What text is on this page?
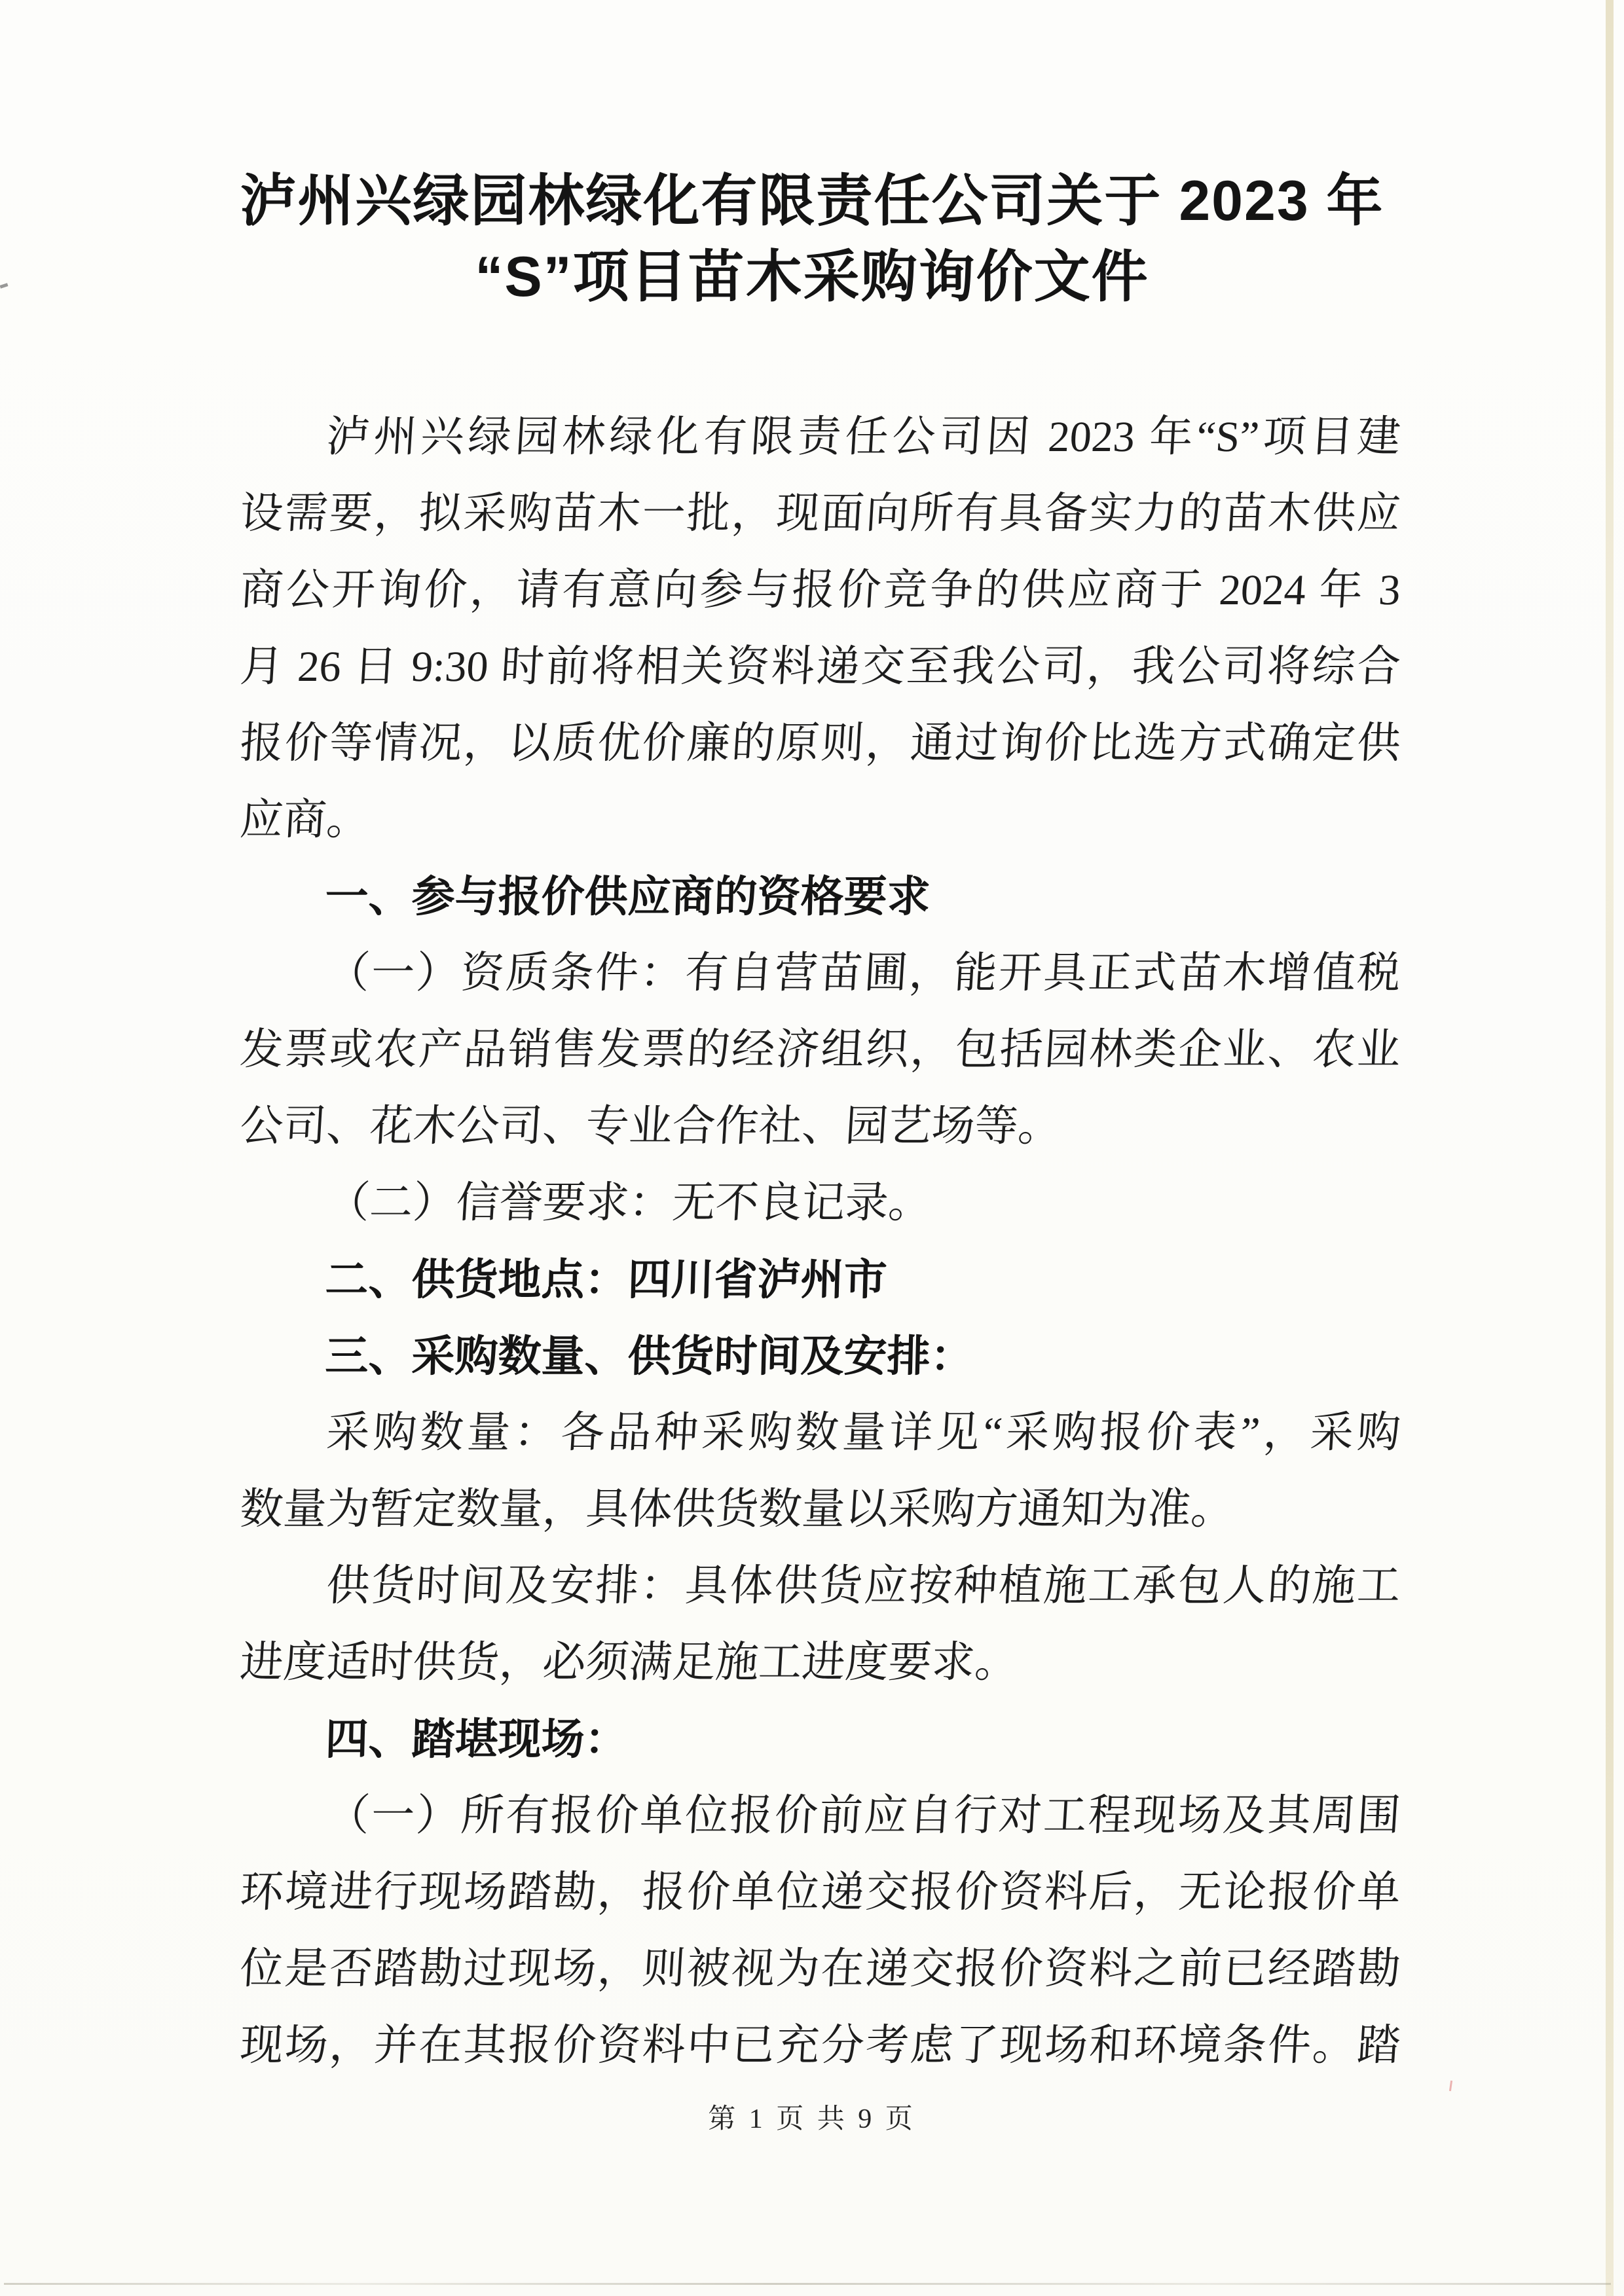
泸州兴绿园林绿化有限责任公司关于 2023 年
“S”项目苗木采购询价文件
泸州兴绿园林绿化有限责任公司因 2023 年“S”项目建
设需要，拟采购苗木一批，现面向所有具备实力的苗木供应
商公开询价，请有意向参与报价竞争的供应商于 2024 年 3
月 26 日 9:30 时前将相关资料递交至我公司，我公司将综合
报价等情况，以质优价廉的原则，通过询价比选方式确定供
应商。
一、参与报价供应商的资格要求
（一）资质条件：有自营苗圃，能开具正式苗木增值税
发票或农产品销售发票的经济组织，包括园林类企业、农业
公司、花木公司、专业合作社、园艺场等。
（二）信誉要求：无不良记录。
二、供货地点：四川省泸州市
三、采购数量、供货时间及安排：
采购数量：各品种采购数量详见“采购报价表”，采购
数量为暂定数量，具体供货数量以采购方通知为准。
供货时间及安排：具体供货应按种植施工承包人的施工
进度适时供货，必须满足施工进度要求。
四、踏堪现场：
（一）所有报价单位报价前应自行对工程现场及其周围
环境进行现场踏勘，报价单位递交报价资料后，无论报价单
位是否踏勘过现场，则被视为在递交报价资料之前已经踏勘
现场，并在其报价资料中已充分考虑了现场和环境条件。踏
第 1 页 共 9 页
